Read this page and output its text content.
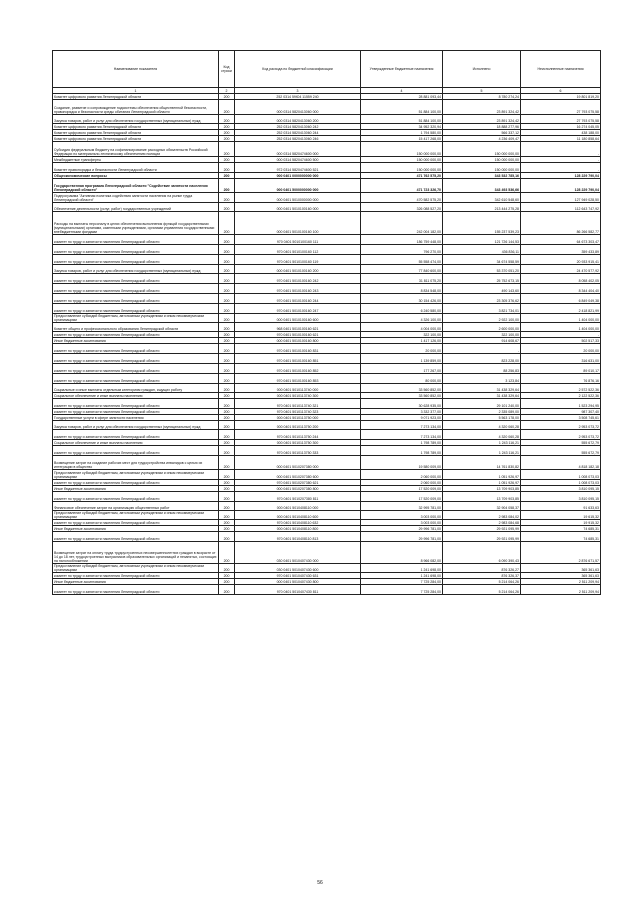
Наименование показателя	Код строки	Код расхода по бюджетной классификации	Утвержденные бюджетные назначения	Исполнено	Неисполненные назначения
1	2	3	4	5	6
Комитет цифрового развития Ленинградской области	200	252 0314 59Ю4 11559 240	28 881 093,44	8 780 274,24	19 801 819,20
Создание, развитие и сопровождение подсистемы обеспечения общественной безопасности, правопорядка и безопасности среды обитания Ленинградской области	200	000 0314 5820413060 000	51 884 100,00	23 891 324,42	27 793 075,58
Закупка товаров, работ и услуг для обеспечения государственных (муниципальных) нужд	200	000 0314 5820413060 200	51 884 100,00	23 891 324,42	27 793 075,58
Комитет цифрового развития Ленинградской области	200	252 0314 5820413060 242	34 952 320,94	18 888 277,96	16 274 045,05
Комитет цифрового развития Ленинградской области	200	252 0314 5820413060 244	1 794 580,00	566 337,12	438 188,00
Комитет цифрового развития Ленинградской области	200	252 0314 5820413060 246	15 417 268,00	4 236 409,47	11 180 858,64
Субсидия федеральным бюджету на софинансирование расходных обязательств Российской Федерации по материально-техническому обеспечению полиции	200	000 0314 5820474600 000	150 000 000,00	150 000 000,00	-
Межбюджетные трансферты	200	000 0314 5820474600 500	150 000 000,00	150 000 000,00	-
Комитет правопорядка и безопасности Ленинградской области	200	972 0314 5820474600 521	150 000 000,00	150 000 000,00	-
Общеэкономические вопросы	200	000 0401 0000000000 000	471 762 575,20	343 532 785,16	128 229 790,04
Государственная программа Ленинградской области "Содействие занятости населения Ленинградской области"	200	000 0401 5000000000 000	471 723 326,70	343 493 536,66	128 229 790,04
Подпрограмма "Активная политика содействия занятости населения на рынке труда Ленинградской области"	200	000 0401 5010000000 000	470 582 575,20	342 610 548,60	127 949 028,50
Обеспечение деятельности (услуг, работ) государственных учреждений	200	000 0401 5010100160 000	326 088 527,20	213 444 275,28	112 643 747,92
Расходы на выплаты персоналу в целях обеспечения выполнения функций государственными (муниципальными) органами, казенными учреждениями, органами управления государственными внебюджетными фондами	200	000 0401 5010100160 100	242 004 182,00	155 237 539,23	86 266 582,77
комитет по труду и занятости населения Ленинградской области	200	970 0401 5010100160 111	186 759 448,00	121 726 144,53	64 673 303,47
комитет по труду и занятости населения Ленинградской области	200	970 0401 5010100160 112	796 270,00	436 836,11	359 433,89
комитет по труду и занятости населения Ленинградской области	200	970 0401 5010100160 119	55 558 474,00	34 674 558,59	20 933 915,41
Закупка товаров, работ и услуг для обеспечения государственных (муниципальных) нужд	200	000 0401 5010100160 200	77 840 600,00	53 370 051,20	24 470 577,92
комитет по труду и занятости населения Ленинградской области	200	970 0401 5010100160 242	31 811 075,20	25 752 673,15	8 058 402,05
комитет по труду и занятости населения Ленинградской области	200	970 0401 5010100160 243	8 834 548,00	490 143,60	8 344 404,40
комитет по труду и занятости населения Ленинградской области	200	970 0401 5010100160 244	30 154 426,00	23 305 376,62	6 849 049,38
комитет по труду и занятости населения Ленинградской области	200	970 0401 5010100160 247	6 240 580,00	3 821 734,01	2 418 821,99
Предоставление субсидий бюджетным, автономным учреждениям и иным некоммерческим организациям	200	000 0401 5010100160 600	4 326 100,00	2 922 100,00	1 404 000,00
Комитет общего и профессионального образования Ленинградской области	200	968 0401 5010100160 621	4 004 000,00	2 600 000,00	1 404 000,00
комитет по труду и занятости населения Ленинградской области	200	970 0401 5010100160 621	322 100,00	322 100,00	-
Иные бюджетные ассигнования	200	000 0401 5010100160 800	1 417 126,00	914 608,67	502 517,33
комитет по труду и занятости населения Ленинградской области	200	970 0401 5010100160 831	20 000,00	-	20 000,00
комитет по труду и занятости населения Ленинградской области	200	970 0401 5010100160 851	1 139 859,00	823 228,00	316 631,00
комитет по труду и занятости населения Ленинградской области	200	970 0401 5010100160 852	177 267,00	88 256,83	89 010,17
комитет по труду и занятости населения Ленинградской области	200	970 0401 5010100160 853	80 000,00	3 123,84	76 876,16
Социальные и иные выплаты отдельным категориям граждан, ищущих работу	200	000 0401 5010113740 000	33 560 852,00	31 438 329,64	2 572 522,36
Социальное обеспечение и иные выплаты населению	200	000 0401 5010113740 300	33 560 852,00	31 438 329,64	2 122 522,36
комитет по труду и занятости населения Ленинградской области	200	970 0401 5010113740 321	30 628 935,00	29 101 240,00	1 523 294,95
комитет по труду и занятости населения Ленинградской области	200	970 0401 5010113740 323	3 332 377,00	2 335 089,00	987 307,40
Государственные услуги в сфере занятости населения	200	000 0401 5010113750 000	9 071 923,00	5 563 178,00	3 508 745,61
Закупка товаров, работ и услуг для обеспечения государственных (муниципальных) нужд	200	000 0401 5010113750 200	7 273 134,00	4 320 060,28	2 953 073,72
комитет по труду и занятости населения Ленинградской области	200	970 0401 5010113750 244	7 273 134,00	4 320 060,28	2 953 073,72
Социальное обеспечение и иные выплаты населению	200	000 0401 5010113750 300	1 798 789,00	1 243 116,21	555 672,79
комитет по труду и занятости населения Ленинградской области	200	970 0401 5010113750 333	1 798 789,00	1 243 116,21	555 672,79
Возмещение затрат на создание рабочих мест для трудоустройства инвалидов с целью их интеграции в общество	200	000 0401 5010207380 000	19 580 009,00	14 761 830,82	4 818 182,18
Предоставление субсидий бюджетным, автономным учреждениям и иным некоммерческим организациям	200	000 0401 5010207380 600	2 060 000,00	1 051 926,97	1 008 073,03
комитет по труду и занятости населения Ленинградской области	200	970 0401 5010207380 621	2 060 000,00	1 051 926,97	1 008 073,03
Иные бюджетные ассигнования	200	000 0401 5010207380 800	17 520 009,00	13 709 903,85	3 810 095,15
комитет по труду и занятости населения Ленинградской области	200	970 0401 5010207380 811	17 520 009,00	13 709 903,85	3 810 095,15
Финансовое обеспечение затрат на организацию общественных работ	200	000 0401 5010408110 000	32 995 781,00	32 904 058,37	91 633,63
Предоставление субсидий бюджетным, автономным учреждениям и иным некоммерческим организациям	200	000 0401 5010408110 600	3 003 000,00	2 983 084,02	19 615,32
комитет по труду и занятости населения Ленинградской области	200	970 0401 5010408110 632	3 003 000,00	2 983 084,68	19 915,32
Иные бюджетные ассигнования	200	000 0401 5010408110 800	29 996 781,00	29 921 095,99	74 685,31
комитет по труду и занятости населения Ленинградской области	200	970 0401 5010408110 813	29 996 781,00	29 921 095,99	74 685,31
Возмещение затрат на оплату труда трудоустроенных несовершеннолетних граждан в возрасте от 14 до 18 лет, трудоустроенных выпускников образовательных организаций и незанятых, состоящих на налогообложении	200	030 0401 5010407430 000	8 966 082,00	6 090 390,43	2 876 671,57
Предоставление субсидий бюджетным, автономным учреждениям и иным некоммерческим организациям	200	030 0401 5010407430 600	1 241 698,00	876 326,27	365 361,63
комитет по труду и занятости населения Ленинградской области	200	970 0401 5010407430 631	1 241 698,00	876 326,37	365 361,63
Иные бюджетные ассигнования	200	000 0401 5010407430 800	7 725 284,00	5 214 064,26	2 511 209,94
комитет по труду и занятости населения Ленинградской области	200	970 0401 5010407430 811	7 725 284,00	5 214 064,26	2 511 209,94
56
